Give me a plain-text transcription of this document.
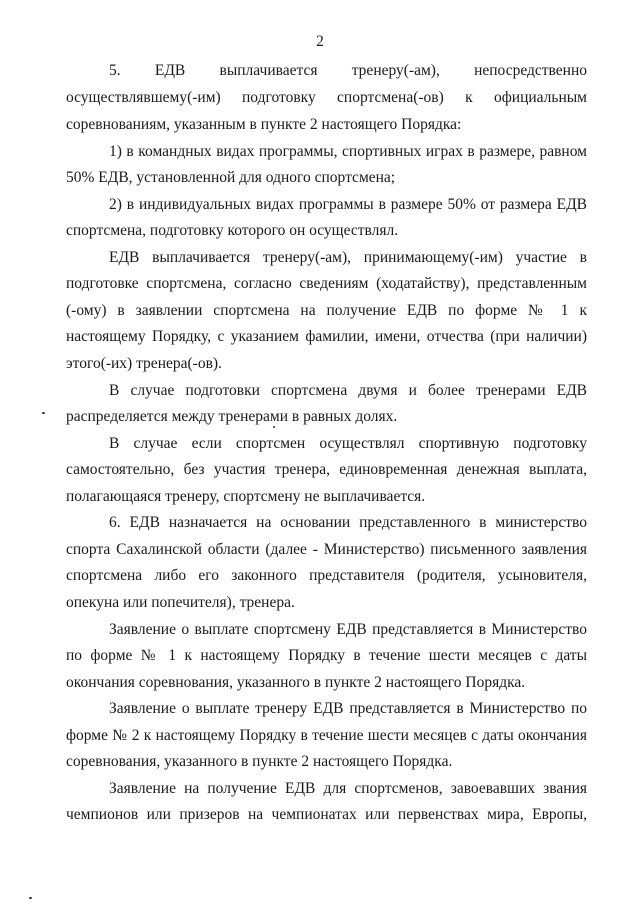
2
5. ЕДВ выплачивается тренеру(-ам), непосредственно
осуществлявшему(-им) подготовку спортсмена(-ов) к официальным
соревнованиям, указанным в пункте 2 настоящего Порядка:
1) в командных видах программы, спортивных играх в размере, равном
50% ЕДВ, установленной для одного спортсмена;
2) в индивидуальных видах программы в размере 50% от размера ЕДВ
спортсмена, подготовку которого он осуществлял.
ЕДВ выплачивается тренеру(-ам), принимающему(-им) участие в
подготовке спортсмена, согласно сведениям (ходатайству), представленным
(-ому) в заявлении спортсмена на получение ЕДВ по форме № 1 к
настоящему Порядку, с указанием фамилии, имени, отчества (при наличии)
этого(-их) тренера(-ов).
В случае подготовки спортсмена двумя и более тренерами ЕДВ
распределяется между тренерами в равных долях.
В случае если спортсмен осуществлял спортивную подготовку
самостоятельно, без участия тренера, единовременная денежная выплата,
полагающаяся тренеру, спортсмену не выплачивается.
6. ЕДВ назначается на основании представленного в министерство
спорта Сахалинской области (далее - Министерство) письменного заявления
спортсмена либо его законного представителя (родителя, усыновителя,
опекуна или попечителя), тренера.
Заявление о выплате спортсмену ЕДВ представляется в Министерство
по форме № 1 к настоящему Порядку в течение шести месяцев с даты
окончания соревнования, указанного в пункте 2 настоящего Порядка.
Заявление о выплате тренеру ЕДВ представляется в Министерство по
форме № 2 к настоящему Порядку в течение шести месяцев с даты окончания
соревнования, указанного в пункте 2 настоящего Порядка.
Заявление на получение ЕДВ для спортсменов, завоевавших звания
чемпионов или призеров на чемпионатах или первенствах мира, Европы,
